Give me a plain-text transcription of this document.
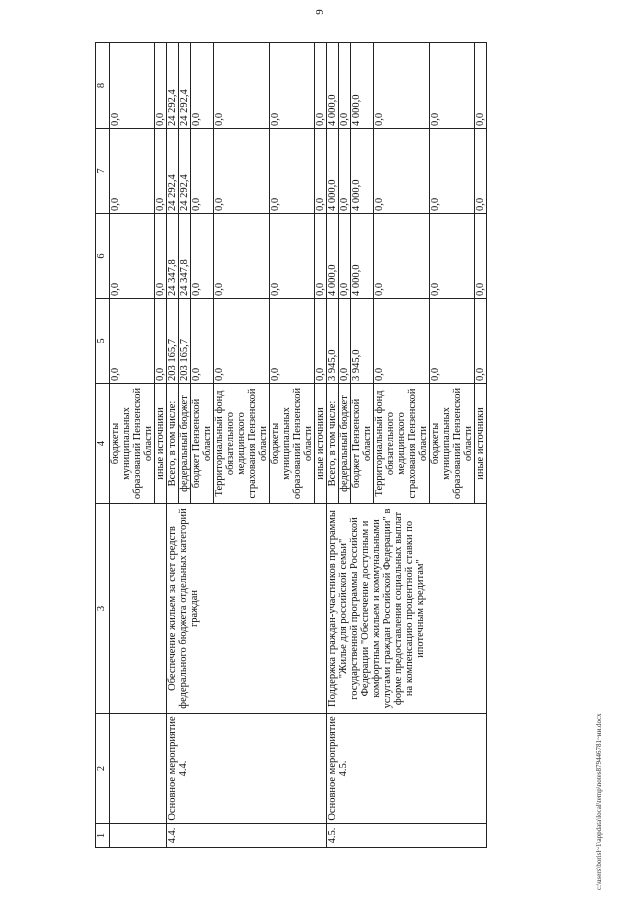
9
1	2	3	4	5	6	7	8
			бюджеты муниципальных образований Пензенской области	0,0	0,0	0,0	0,0
			иные источники	0,0	0,0	0,0	0,0
4.4.	Основное мероприятие 4.4.	Обеспечение жильем за счет средств федерального бюджета отдельных категорий граждан	Всего, в том числе:	203 165,7	24 347,8	24 292,4	24 292,4
			федеральный бюджет	203 165,7	24 347,8	24 292,4	24 292,4
			бюджет Пензенской области	0,0	0,0	0,0	0,0
			Территориальный фонд обязательного медицинского страхования Пензенской области	0,0	0,0	0,0	0,0
			бюджеты муниципальных образований Пензенской области	0,0	0,0	0,0	0,0
			иные источники	0,0	0,0	0,0	0,0
4.5.	Основное мероприятие 4.5.	Поддержка граждан-участников программы "Жилье для российской семьи" государственной программы Российской Федерации "Обеспечение доступным и комфортным жильем и коммунальными услугами граждан Российской Федерации" в форме предоставления социальных выплат на компенсацию процентной ставки по ипотечным кредитам"	Всего, в том числе:	3 945,0	4 000,0	4 000,0	4 000,0
			федеральный бюджет	0,0	0,0	0,0	0,0
			бюджет Пензенской области	3 945,0	4 000,0	4 000,0	4 000,0
			Территориальный фонд обязательного медицинского страхования Пензенской области	0,0	0,0	0,0	0,0
			бюджеты муниципальных образований Пензенской области	0,0	0,0	0,0	0,0
			иные источники	0,0	0,0	0,0	0,0
c:\users\borisl~1\appdata\local\temp\notes879446781~ии.docx
